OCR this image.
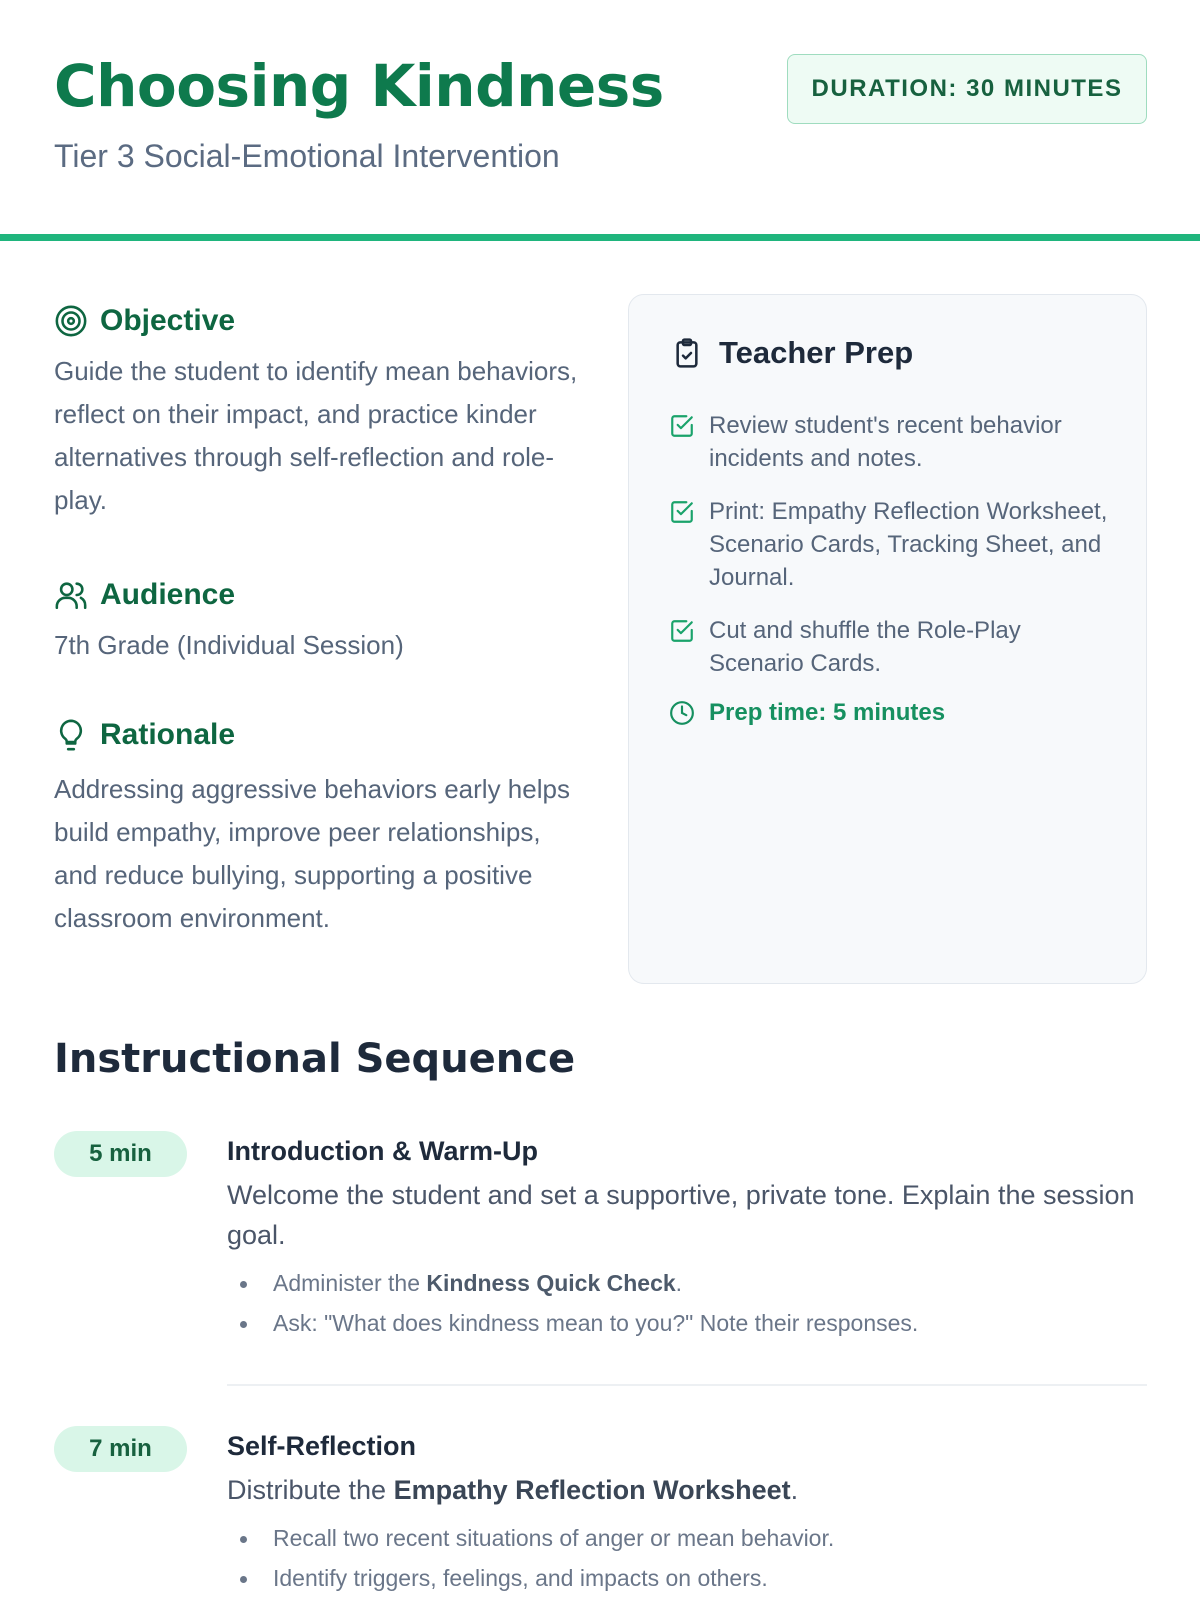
Choosing Kindness
Tier 3 Social-Emotional Intervention
DURATION: 30 MINUTES
Objective

Guide the student to identify mean behaviors, reflect on their impact, and practice kinder alternatives through self-reflection and role-play.

Audience

7th Grade (Individual Session)

Rationale

Addressing aggressive behaviors early helps build empathy, improve peer relationships, and reduce bullying, supporting a positive classroom environment.

Teacher Prep
Review student's recent behavior incidents and notes.
Print: Empathy Reflection Worksheet, Scenario Cards, Tracking Sheet, and Journal.
Cut and shuffle the Role-Play Scenario Cards.
Prep time: 5 minutes
Instructional Sequence
5 min	Introduction & Warm-Up
Welcome the student and set a supportive, private tone. Explain the session goal.
Administer the Kindness Quick Check.
Ask: "What does kindness mean to you?" Note their responses.
7 min	Self-Reflection
Distribute the Empathy Reflection Worksheet.
Recall two recent situations of anger or mean behavior.
Identify triggers, feelings, and impacts on others.
